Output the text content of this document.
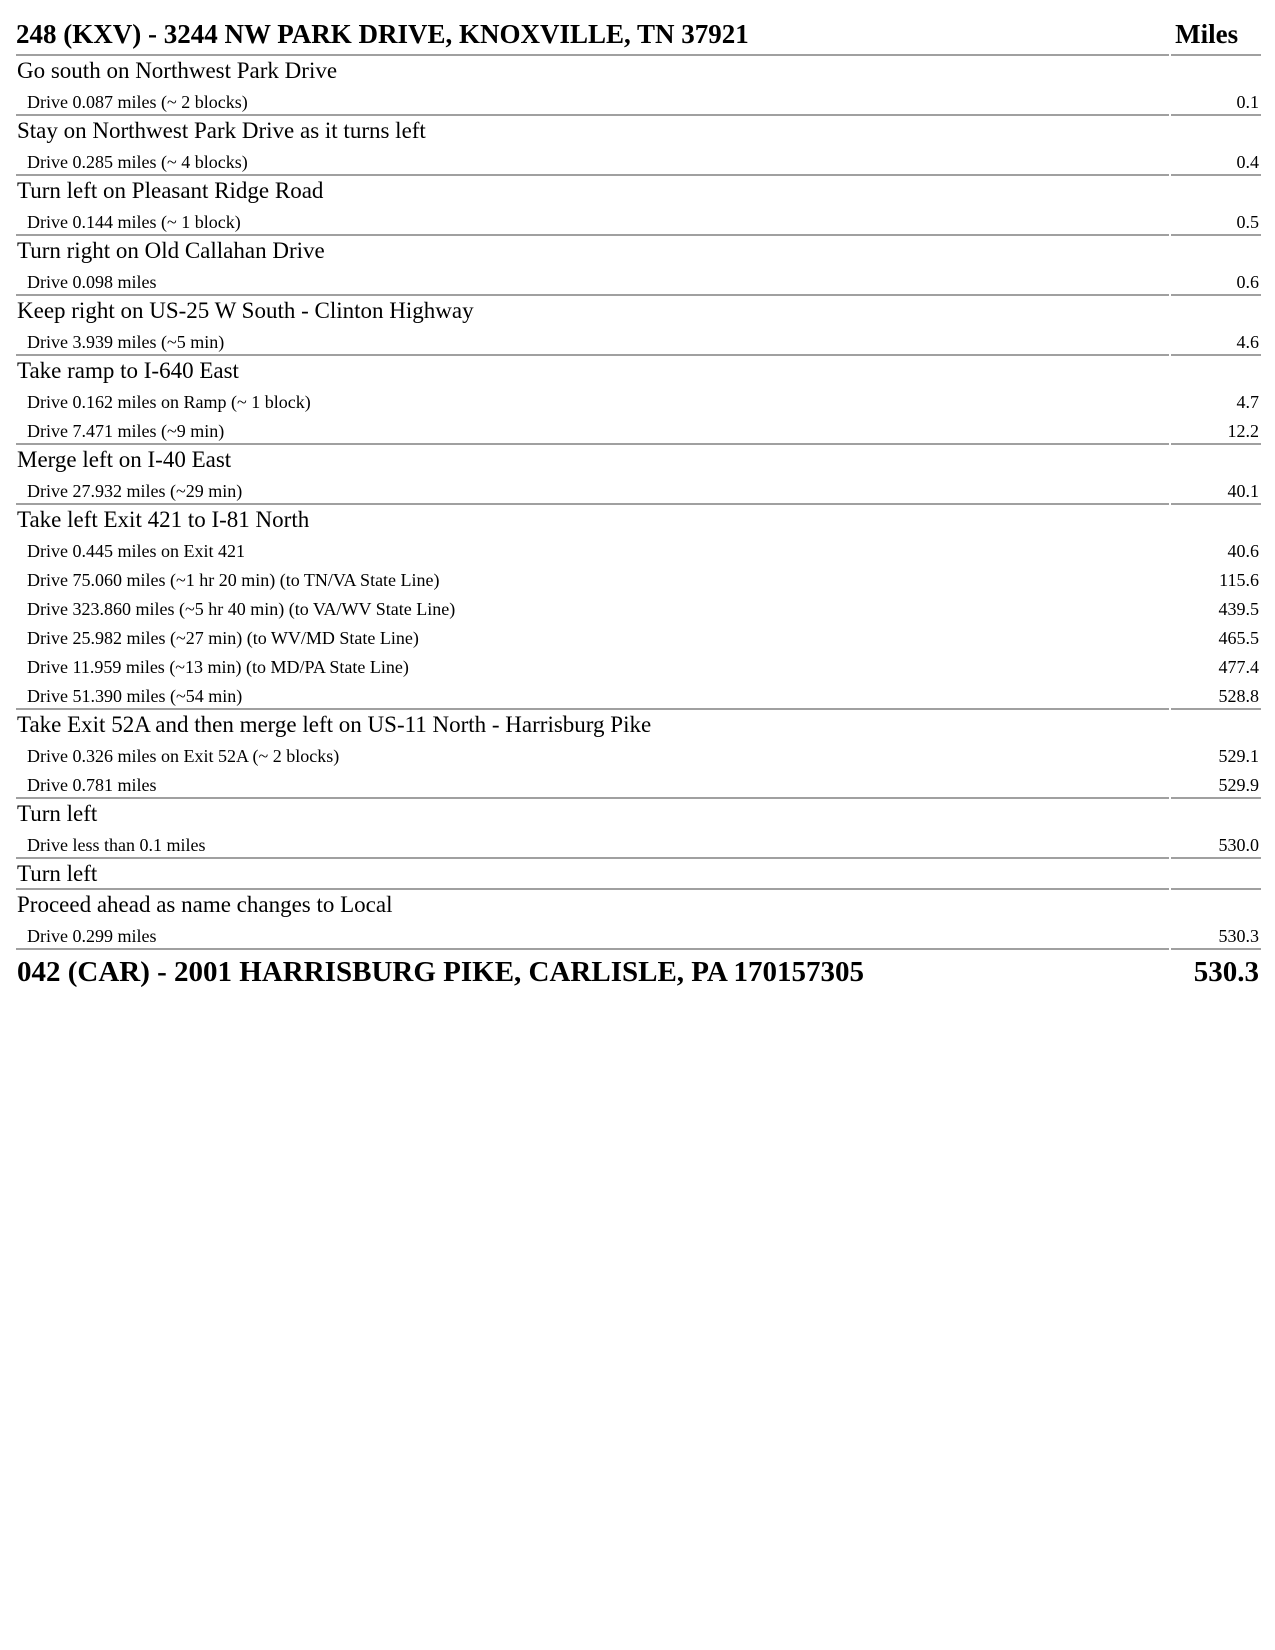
248 (KXV) - 3244 NW PARK DRIVE, KNOXVILLE, TN 37921	Miles
Go south on Northwest Park Drive
Drive 0.087 miles (~ 2 blocks)	0.1
Stay on Northwest Park Drive as it turns left
Drive 0.285 miles (~ 4 blocks)	0.4
Turn left on Pleasant Ridge Road
Drive 0.144 miles (~ 1 block)	0.5
Turn right on Old Callahan Drive
Drive 0.098 miles	0.6
Keep right on US-25 W South - Clinton Highway
Drive 3.939 miles (~5 min)	4.6
Take ramp to I-640 East
Drive 0.162 miles on Ramp (~ 1 block)	4.7
Drive 7.471 miles (~9 min)	12.2
Merge left on I-40 East
Drive 27.932 miles (~29 min)	40.1
Take left Exit 421 to I-81 North
Drive 0.445 miles on Exit 421	40.6
Drive 75.060 miles (~1 hr 20 min) (to TN/VA State Line)	115.6
Drive 323.860 miles (~5 hr 40 min) (to VA/WV State Line)	439.5
Drive 25.982 miles (~27 min) (to WV/MD State Line)	465.5
Drive 11.959 miles (~13 min) (to MD/PA State Line)	477.4
Drive 51.390 miles (~54 min)	528.8
Take Exit 52A and then merge left on US-11 North - Harrisburg Pike
Drive 0.326 miles on Exit 52A (~ 2 blocks)	529.1
Drive 0.781 miles	529.9
Turn left
Drive less than 0.1 miles	530.0
Turn left
Proceed ahead as name changes to Local
Drive 0.299 miles	530.3
042 (CAR) - 2001 HARRISBURG PIKE, CARLISLE, PA 170157305	530.3
